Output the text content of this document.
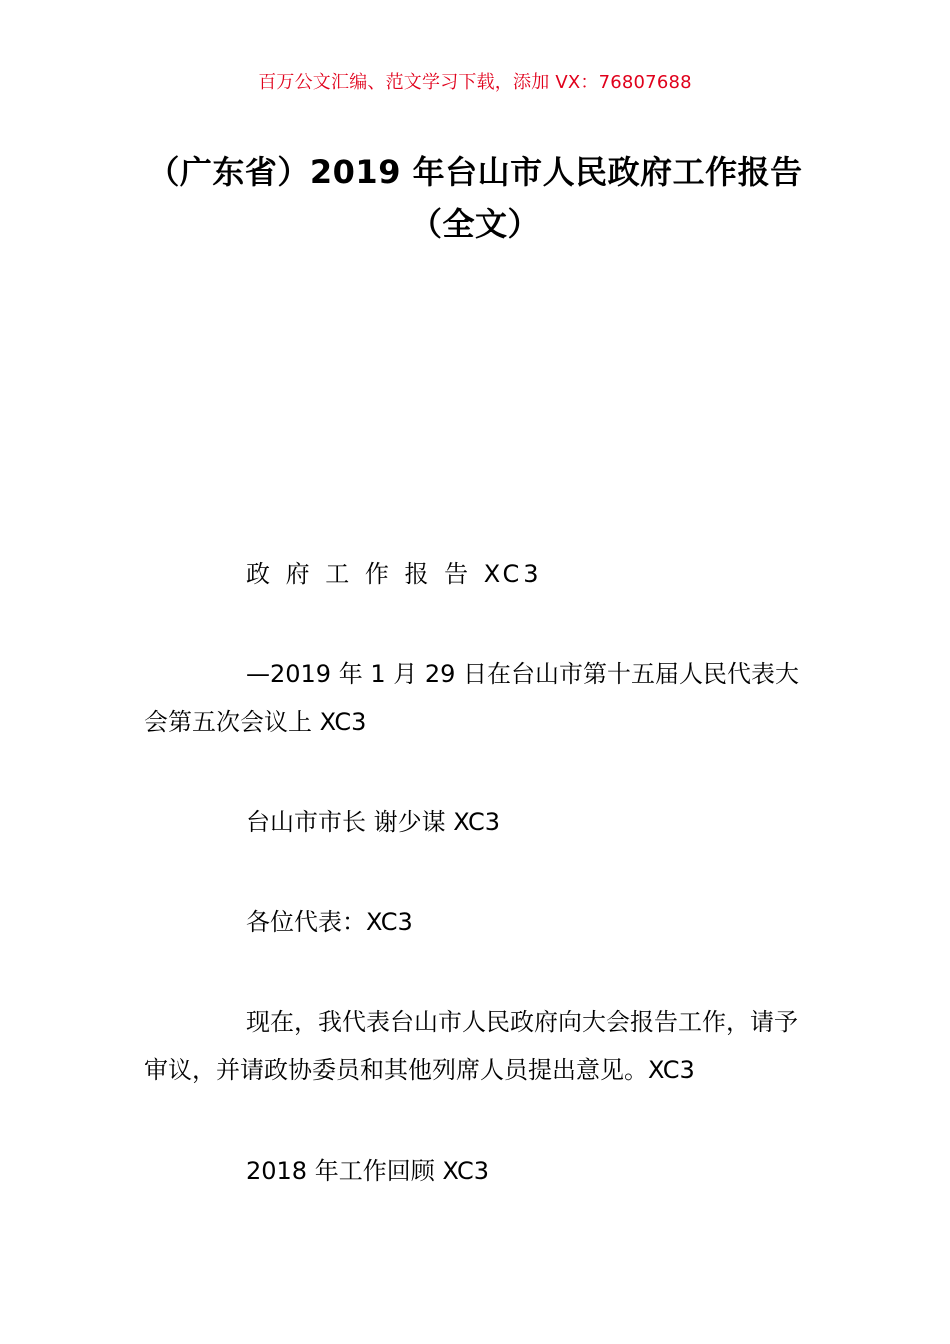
百万公文汇编、范文学习下载，添加 VX：76807688
（广东省）2019 年台山市人民政府工作报告（全文）
政 府 工 作 报 告 XC3
—2019 年 1 月 29 日在台山市第十五届人民代表大会第五次会议上 XC3
台山市市长 谢少谋 XC3
各位代表：XC3
现在，我代表台山市人民政府向大会报告工作，请予审议，并请政协委员和其他列席人员提出意见。XC3
2018 年工作回顾 XC3
